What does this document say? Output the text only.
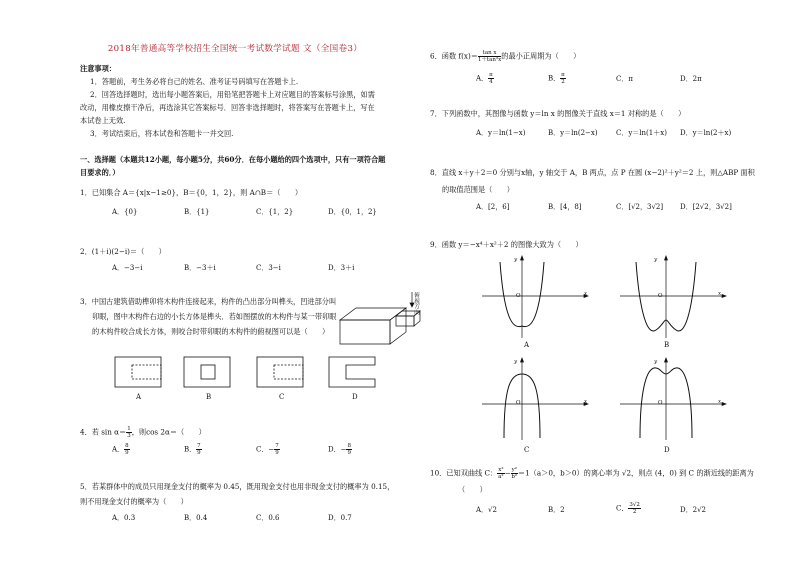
2018年普通高等学校招生全国统一考试数学试题 文（全国卷3）
注意事项：
1．答题前，考生务必将自己的姓名、准考证号码填写在答题卡上.
2．回答选择题时，选出每小题答案后，用铅笔把答题卡上对应题目的答案标号涂黑，如需
改动，用橡皮擦干净后，再选涂其它答案标号．回答非选择题时，将答案写在答题卡上，写在
本试卷上无效.
3．考试结束后，将本试卷和答题卡一并交回.
一、选择题（本题共12小题，每小题5分，共60分．在每小题给的四个选项中，只有一项符合题
目要求的．）
1．已知集合 A＝{x|x−1≥0}，B＝{0，1，2}，则 A∩B＝（　　）
A．{0}	B．{1}	C．{1，2}	D．{0，1，2}
2．(1＋i)(2−i)＝（　　）
A．−3−i	B．−3＋i	C．3−i	D．3＋i
3．中国古建筑借助榫卯将木构件连接起来，构件的凸出部分叫榫头，凹进部分叫
卯眼，图中木构件右边的小长方体是榫头．若如图摆放的木构件与某一带卯眼
的木构件咬合成长方体，则咬合时带卯眼的木构件的俯视图可以是（　　）
俯视方向
A	B	C	D
4．若 $\sin \alpha= \frac{1}{3}$ ，则cos 2α＝（　　）
A． $\frac{8}{9}$	B． $\frac{7}{9}$	C．− $\frac{7}{9}$	D．− $\frac{8}{9}$
5．若某群体中的成员只用现金支付的概率为 0.45，既用现金支付也用非现金支付的概率为 0.15，
则不用现金支付的概率为（　　）
A．0.3	B．0.4	C．0.6	D．0.7
6．函数 $f(x)= \frac{\text{tan x}}{\text{1＋tan²x}}$ 的最小正周期为（　　）
A． $\frac{\pi}{4}$	B． $\frac{\pi}{2}$	C．π	D．2π
7．下列函数中，其图像与函数 y＝ln x 的图像关于直线 x＝1 对称的是（　　）
A．y＝ln(1−x)	B．y＝ln(2−x)	C．y＝ln(1＋x) D．y＝ln(2＋x)
8．直线 x＋y＋2＝0 分别与x轴，y 轴交于 A，B 两点，点 P 在圆 (x−2)²＋y²＝2 上，则△ABP 面积
的取值范围是（　　）
A．[2，6]	B．[4，8]	C．[√2，3√2] D．[2√2，3√2]
9．函数 y＝−x⁴＋x²＋2 的图像大致为（　　）
y
x
O
y
x
O
y
x
O
y
x
O
A	B
C	D
10．已知双曲线 C： $\frac{\text{x²}}{\text{a²}} - \frac{\text{y²}}{\text{b²}} =1(a>0$，b＞0）的离心率为 √2，则点 (4，0) 到 C 的渐近线的距离为
（　　）
A．√2	B．2	C． $\frac{3√2}{2}$	D．2√2
